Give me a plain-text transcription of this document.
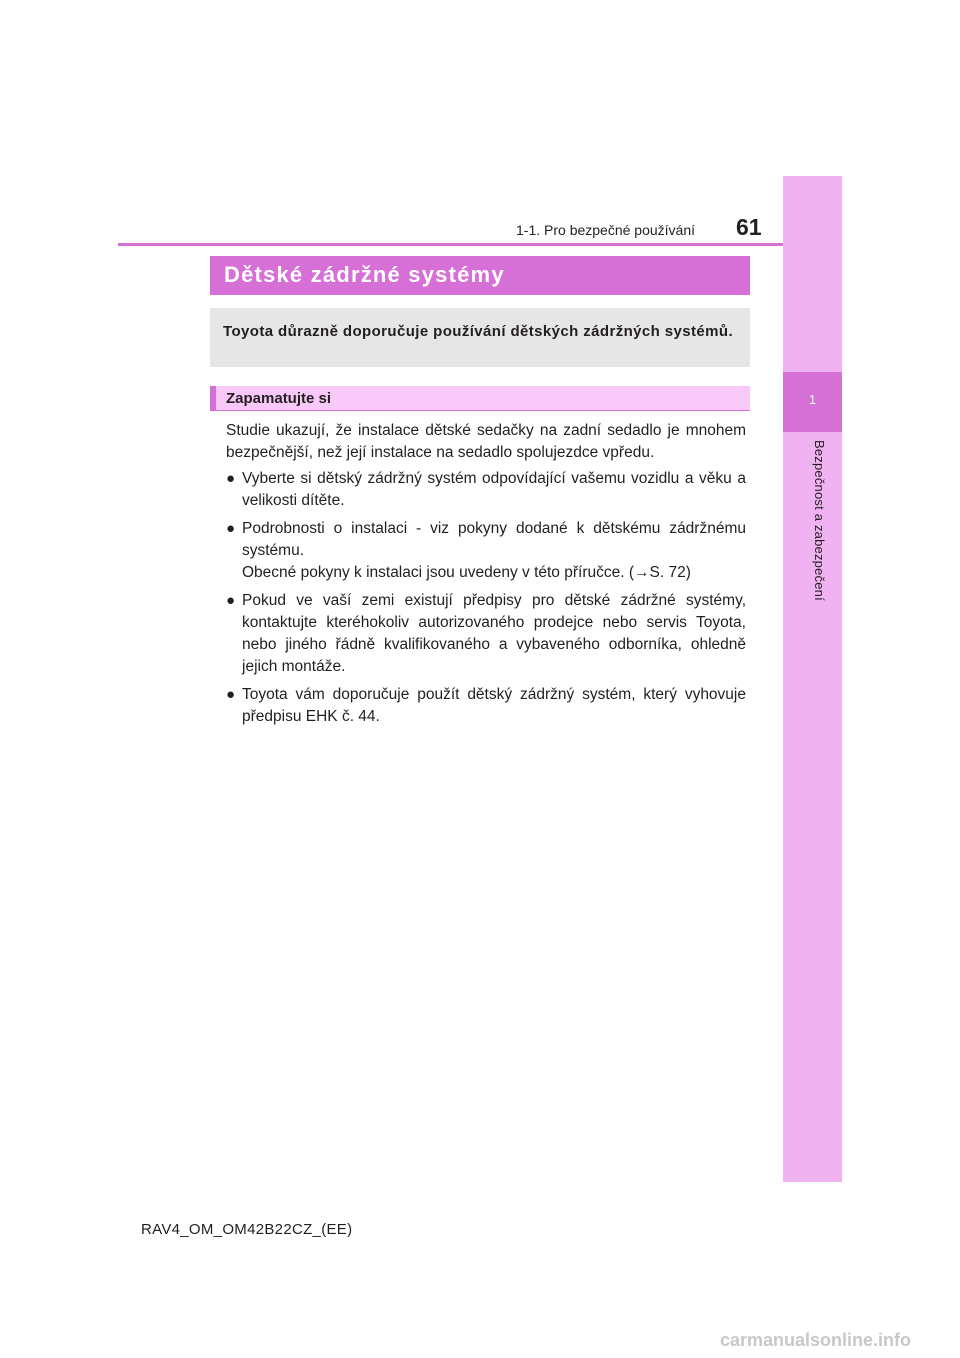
1
Bezpečnost a zabezpečení
1-1. Pro bezpečné používání 61
Dětské zádržné systémy
Toyota důrazně doporučuje používání dětských zádržných systémů.
Zapamatujte si

Studie ukazují, že instalace dětské sedačky na zadní sedadlo je mnohem bezpečnější, než její instalace na sedadlo spolujezdce vpředu.

● Vyberte si dětský zádržný systém odpovídající vašemu vozidlu a věku a velikosti dítěte.
● Podrobnosti o instalaci - viz pokyny dodané k dětskému zádržnému systému.
Obecné pokyny k instalaci jsou uvedeny v této příručce. (→S. 72)
● Pokud ve vaší zemi existují předpisy pro dětské zádržné systémy, kontaktujte kteréhokoliv autorizovaného prodejce nebo servis Toyota, nebo jiného řádně kvalifikovaného a vybaveného odborníka, ohledně jejich montáže.
● Toyota vám doporučuje použít dětský zádržný systém, který vyhovuje předpisu EHK č. 44.
RAV4_OM_OM42B22CZ_(EE)
carmanualsonline.info
